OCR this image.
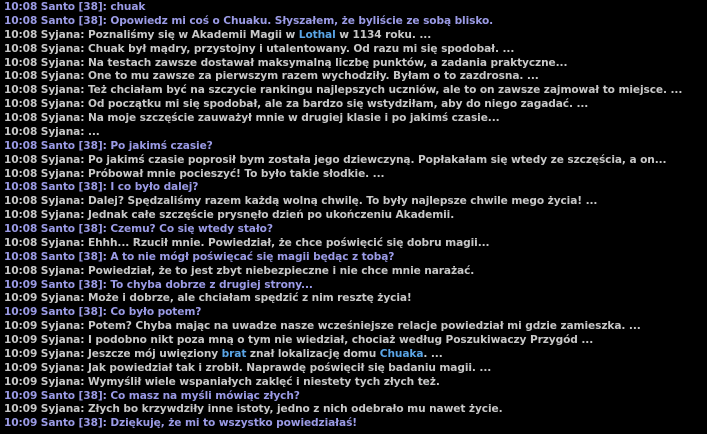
10:08 Santo [38]: chuak
10:08 Santo [38]: Opowiedz mi coś o Chuaku. Słyszałem, że byliście ze sobą blisko.
10:08 Syjana: Poznaliśmy się w Akademii Magii w Lothal w 1134 roku. ...
10:08 Syjana: Chuak był mądry, przystojny i utalentowany. Od razu mi się spodobał. ...
10:08 Syjana: Na testach zawsze dostawał maksymalną liczbę punktów, a zadania praktyczne...
10:08 Syjana: One to mu zawsze za pierwszym razem wychodziły. Byłam o to zazdrosna. ...
10:08 Syjana: Też chciałam być na szczycie rankingu najlepszych uczniów, ale to on zawsze zajmował to miejsce. ...
10:08 Syjana: Od początku mi się spodobał, ale za bardzo się wstydziłam, aby do niego zagadać. ...
10:08 Syjana: Na moje szczęście zauważył mnie w drugiej klasie i po jakimś czasie...
10:08 Syjana: ...
10:08 Santo [38]: Po jakimś czasie?
10:08 Syjana: Po jakimś czasie poprosił bym została jego dziewczyną. Popłakałam się wtedy ze szczęścia, a on...
10:08 Syjana: Próbował mnie pocieszyć! To było takie słodkie. ...
10:08 Santo [38]: I co było dalej?
10:08 Syjana: Dalej? Spędzaliśmy razem każdą wolną chwilę. To były najlepsze chwile mego życia! ...
10:08 Syjana: Jednak całe szczęście prysnęło dzień po ukończeniu Akademii.
10:08 Santo [38]: Czemu? Co się wtedy stało?
10:08 Syjana: Ehhh... Rzucił mnie. Powiedział, że chce poświęcić się dobru magii...
10:08 Santo [38]: A to nie mógł poświęcać się magii będąc z tobą?
10:08 Syjana: Powiedział, że to jest zbyt niebezpieczne i nie chce mnie narażać.
10:09 Santo [38]: To chyba dobrze z drugiej strony...
10:09 Syjana: Może i dobrze, ale chciałam spędzić z nim resztę życia!
10:09 Santo [38]: Co było potem?
10:09 Syjana: Potem? Chyba mając na uwadze nasze wcześniejsze relacje powiedział mi gdzie zamieszka. ...
10:09 Syjana: I podobno nikt poza mną o tym nie wiedział, chociaż według Poszukiwaczy Przygód ...
10:09 Syjana: Jeszcze mój uwięziony brat znał lokalizację domu Chuaka. ...
10:09 Syjana: Jak powiedział tak i zrobił. Naprawdę poświęcił się badaniu magii. ...
10:09 Syjana: Wymyślił wiele wspaniałych zaklęć i niestety tych złych też.
10:09 Santo [38]: Co masz na myśli mówiąc złych?
10:09 Syjana: Złych bo krzywdziły inne istoty, jedno z nich odebrało mu nawet życie.
10:09 Santo [38]: Dziękuję, że mi to wszystko powiedziałaś!
